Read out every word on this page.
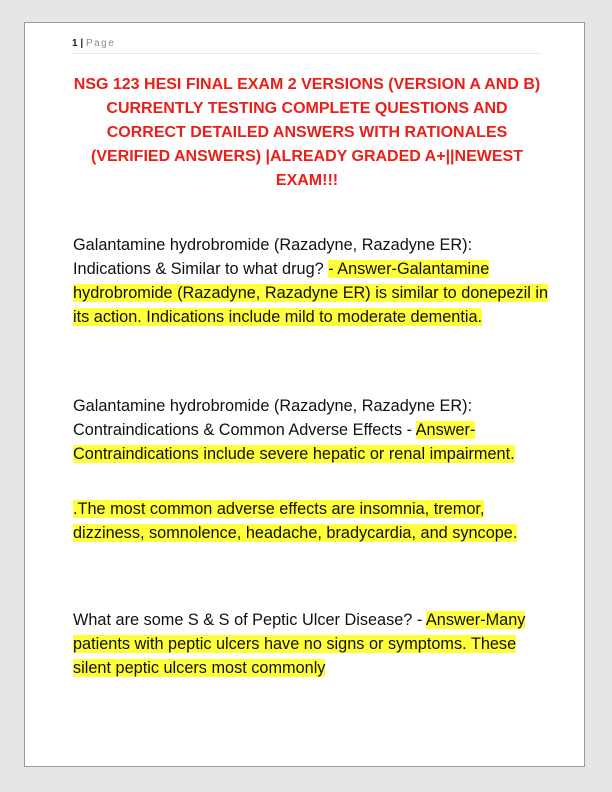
1 | Page
NSG 123 HESI FINAL EXAM 2 VERSIONS (VERSION A AND B) CURRENTLY TESTING COMPLETE QUESTIONS AND CORRECT DETAILED ANSWERS WITH RATIONALES (VERIFIED ANSWERS) |ALREADY GRADED A+||NEWEST EXAM!!!
Galantamine hydrobromide (Razadyne, Razadyne ER): Indications & Similar to what drug? - Answer-Galantamine hydrobromide (Razadyne, Razadyne ER) is similar to donepezil in its action. Indications include mild to moderate dementia.
Galantamine hydrobromide (Razadyne, Razadyne ER): Contraindications & Common Adverse Effects - Answer-Contraindications include severe hepatic or renal impairment.
.The most common adverse effects are insomnia, tremor, dizziness, somnolence, headache, bradycardia, and syncope.
What are some S & S of Peptic Ulcer Disease? - Answer-Many patients with peptic ulcers have no signs or symptoms. These silent peptic ulcers most commonly
